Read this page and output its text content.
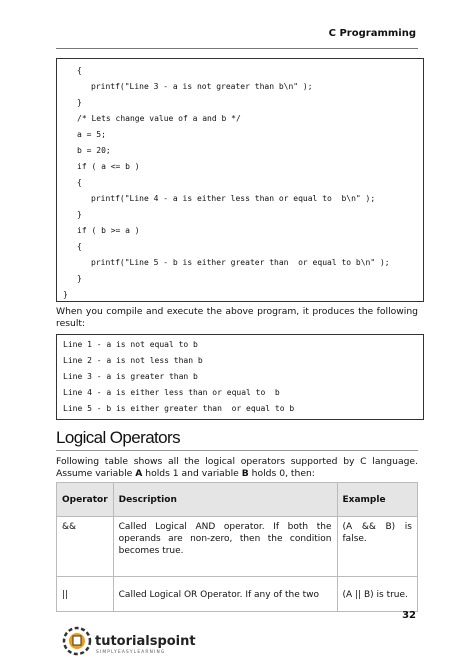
C Programming
{
printf("Line 3 - a is not greater than b\n" );
}
/* Lets change value of a and b */
a = 5;
b = 20;
if ( a <= b )
{
printf("Line 4 - a is either less than or equal to  b\n" );
}
if ( b >= a )
{
printf("Line 5 - b is either greater than  or equal to b\n" );
}
}
When you compile and execute the above program, it produces the following result:
Line 1 - a is not equal to b
Line 2 - a is not less than b
Line 3 - a is greater than b
Line 4 - a is either less than or equal to  b
Line 5 - b is either greater than  or equal to b
Logical Operators
Following table shows all the logical operators supported by C language. Assume variable A holds 1 and variable B holds 0, then:
Operator	Description	Example
&&	Called Logical AND operator. If both the operands are non-zero, then the condition becomes true.	(A && B) is false.
||	Called Logical OR Operator. If any of the two	(A || B) is true.
32
tutorialspoint
SIMPLYEASYLEARNING
